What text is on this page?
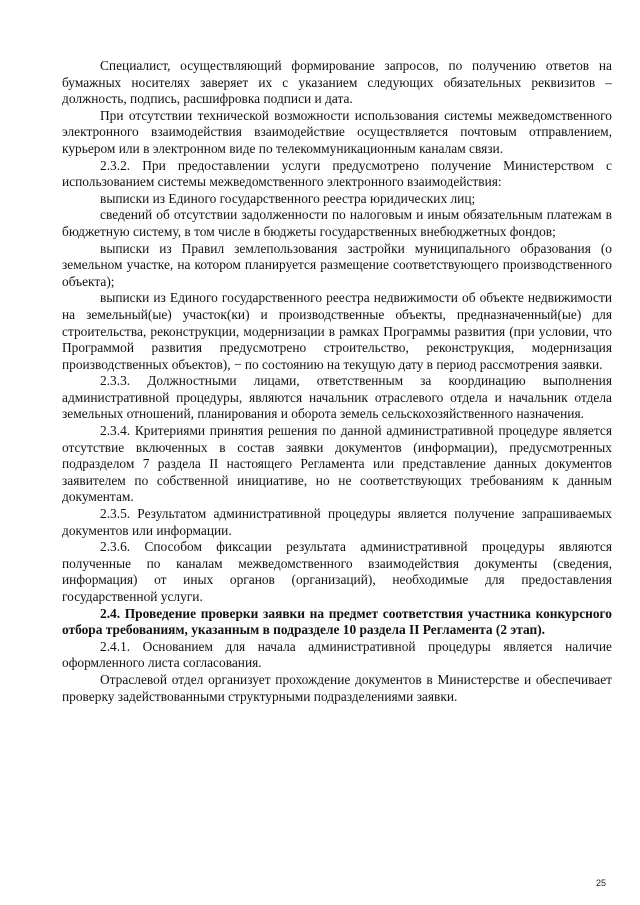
Специалист, осуществляющий формирование запросов, по получению ответов на бумажных носителях заверяет их с указанием следующих обязательных реквизитов – должность, подпись, расшифровка подписи и дата.

При отсутствии технической возможности использования системы межведомственного электронного взаимодействия взаимодействие осуществляется почтовым отправлением, курьером или в электронном виде по телекоммуникационным каналам связи.

2.3.2. При предоставлении услуги предусмотрено получение Министерством с использованием системы межведомственного электронного взаимодействия:

выписки из Единого государственного реестра юридических лиц;

сведений об отсутствии задолженности по налоговым и иным обязательным платежам в бюджетную систему, в том числе в бюджеты государственных внебюджетных фондов;

выписки из Правил землепользования застройки муниципального образования (о земельном участке, на котором планируется размещение соответствующего производственного объекта);

выписки из Единого государственного реестра недвижимости об объекте недвижимости на земельный(ые) участок(ки) и производственные объекты, предназначенный(ые) для строительства, реконструкции, модернизации в рамках Программы развития (при условии, что Программой развития предусмотрено строительство, реконструкция, модернизация производственных объектов), − по состоянию на текущую дату в период рассмотрения заявки.

2.3.3. Должностными лицами, ответственным за координацию выполнения административной процедуры, являются начальник отраслевого отдела и начальник отдела земельных отношений, планирования и оборота земель сельскохозяйственного назначения.

2.3.4. Критериями принятия решения по данной административной процедуре является отсутствие включенных в состав заявки документов (информации), предусмотренных подразделом 7 раздела II настоящего Регламента или представление данных документов заявителем по собственной инициативе, но не соответствующих требованиям к данным документам.

2.3.5. Результатом административной процедуры является получение запрашиваемых документов или информации.

2.3.6. Способом фиксации результата административной процедуры являются полученные по каналам межведомственного взаимодействия документы (сведения, информация) от иных органов (организаций), необходимые для предоставления государственной услуги.

2.4. Проведение проверки заявки на предмет соответствия участника конкурсного отбора требованиям, указанным в подразделе 10 раздела II Регламента (2 этап).

2.4.1. Основанием для начала административной процедуры является наличие оформленного листа согласования.

Отраслевой отдел организует прохождение документов в Министерстве и обеспечивает проверку задействованными структурными подразделениями заявки.

25
